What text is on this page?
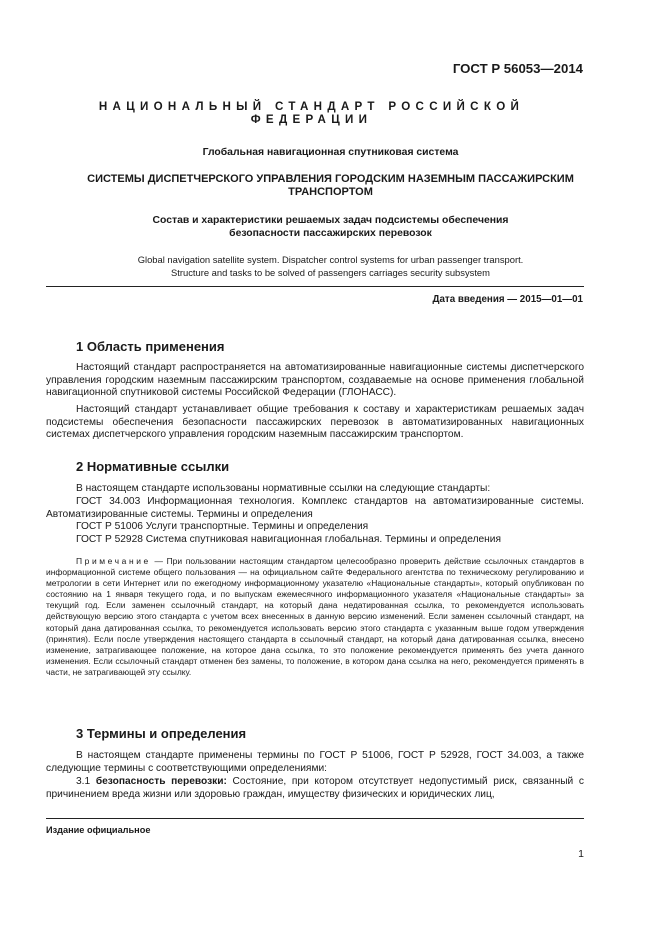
ГОСТ Р 56053—2014
НАЦИОНАЛЬНЫЙ СТАНДАРТ РОССИЙСКОЙ ФЕДЕРАЦИИ
Глобальная навигационная спутниковая система
СИСТЕМЫ ДИСПЕТЧЕРСКОГО УПРАВЛЕНИЯ ГОРОДСКИМ НАЗЕМНЫМ ПАССАЖИРСКИМ
ТРАНСПОРТОМ
Состав и характеристики решаемых задач подсистемы обеспечения
безопасности пассажирских перевозок
Global navigation satellite system. Dispatcher control systems for urban passenger transport.
Structure and tasks to be solved of passengers carriages security subsystem
Дата введения — 2015—01—01
1 Область применения
Настоящий стандарт распространяется на автоматизированные навигационные системы диспетчерского управления городским наземным пассажирским транспортом, создаваемые на основе применения глобальной навигационной спутниковой системы Российской Федерации (ГЛОНАСС).
Настоящий стандарт устанавливает общие требования к составу и характеристикам решаемых задач подсистемы обеспечения безопасности пассажирских перевозок в автоматизированных навигационных системах диспетчерского управления городским наземным пассажирским транспортом.
2 Нормативные ссылки
В настоящем стандарте использованы нормативные ссылки на следующие стандарты:
ГОСТ 34.003 Информационная технология. Комплекс стандартов на автоматизированные системы. Автоматизированные системы. Термины и определения
ГОСТ Р 51006 Услуги транспортные. Термины и определения
ГОСТ Р 52928 Система спутниковая навигационная глобальная. Термины и определения
Примечание — При пользовании настоящим стандартом целесообразно проверить действие ссылочных стандартов в информационной системе общего пользования — на официальном сайте Федерального агентства по техническому регулированию и метрологии в сети Интернет или по ежегодному информационному указателю «Национальные стандарты», который опубликован по состоянию на 1 января текущего года, и по выпускам ежемесячного информационного указателя «Национальные стандарты» за текущий год. Если заменен ссылочный стандарт, на который дана недатированная ссылка, то рекомендуется использовать действующую версию этого стандарта с учетом всех внесенных в данную версию изменений. Если заменен ссылочный стандарт, на который дана датированная ссылка, то рекомендуется использовать версию этого стандарта с указанным выше годом утверждения (принятия). Если после утверждения настоящего стандарта в ссылочный стандарт, на который дана датированная ссылка, внесено изменение, затрагивающее положение, на которое дана ссылка, то это положение рекомендуется применять без учета данного изменения. Если ссылочный стандарт отменен без замены, то положение, в котором дана ссылка на него, рекомендуется применять в части, не затрагивающей эту ссылку.
3 Термины и определения
В настоящем стандарте применены термины по ГОСТ Р 51006, ГОСТ Р 52928, ГОСТ 34.003, а также следующие термины с соответствующими определениями:
3.1 безопасность перевозки: Состояние, при котором отсутствует недопустимый риск, связанный с причинением вреда жизни или здоровью граждан, имуществу физических и юридических лиц,
Издание официальное
1
